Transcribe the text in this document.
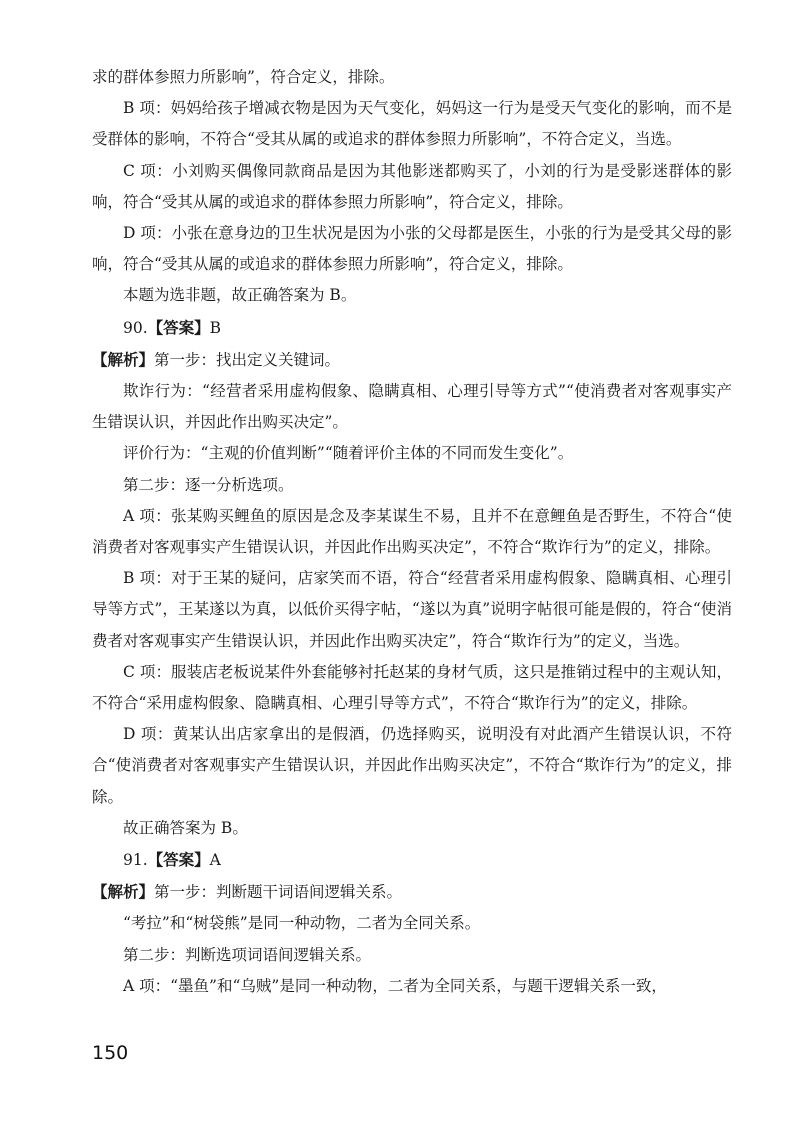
求的群体参照力所影响”，符合定义，排除。

B 项：妈妈给孩子增减衣物是因为天气变化，妈妈这一行为是受天气变化的影响，而不是受群体的影响，不符合“受其从属的或追求的群体参照力所影响”，不符合定义，当选。

C 项：小刘购买偶像同款商品是因为其他影迷都购买了，小刘的行为是受影迷群体的影响，符合“受其从属的或追求的群体参照力所影响”，符合定义，排除。

D 项：小张在意身边的卫生状况是因为小张的父母都是医生，小张的行为是受其父母的影响，符合“受其从属的或追求的群体参照力所影响”，符合定义，排除。

本题为选非题，故正确答案为 B。

90.【答案】B

【解析】第一步：找出定义关键词。

欺诈行为：“经营者采用虚构假象、隐瞒真相、心理引导等方式”“使消费者对客观事实产生错误认识，并因此作出购买决定”。

评价行为：“主观的价值判断”“随着评价主体的不同而发生变化”。

第二步：逐一分析选项。

A 项：张某购买鲤鱼的原因是念及李某谋生不易，且并不在意鲤鱼是否野生，不符合“使消费者对客观事实产生错误认识，并因此作出购买决定”，不符合“欺诈行为”的定义，排除。

B 项：对于王某的疑问，店家笑而不语，符合“经营者采用虚构假象、隐瞒真相、心理引导等方式”，王某遂以为真，以低价买得字帖，“遂以为真”说明字帖很可能是假的，符合“使消费者对客观事实产生错误认识，并因此作出购买决定”，符合“欺诈行为”的定义，当选。

C 项：服装店老板说某件外套能够衬托赵某的身材气质，这只是推销过程中的主观认知，不符合“采用虚构假象、隐瞒真相、心理引导等方式”，不符合“欺诈行为”的定义，排除。

D 项：黄某认出店家拿出的是假酒，仍选择购买，说明没有对此酒产生错误认识，不符合“使消费者对客观事实产生错误认识，并因此作出购买决定”，不符合“欺诈行为”的定义，排除。

故正确答案为 B。

91.【答案】A

【解析】第一步：判断题干词语间逻辑关系。

“考拉”和“树袋熊”是同一种动物，二者为全同关系。

第二步：判断选项词语间逻辑关系。

A 项：“墨鱼”和“乌贼”是同一种动物，二者为全同关系，与题干逻辑关系一致，

150
